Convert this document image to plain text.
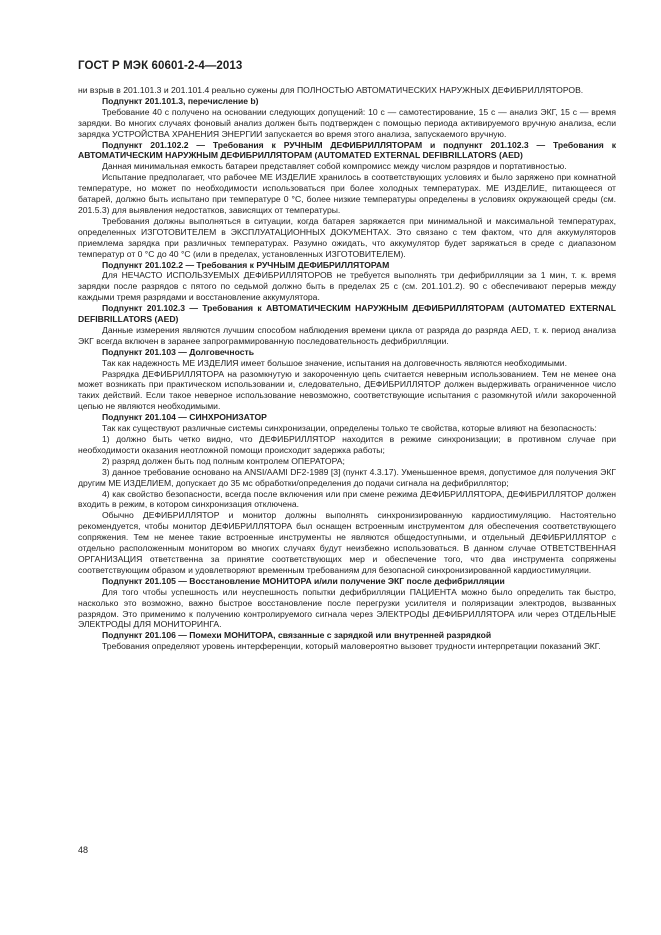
ГОСТ Р МЭК 60601-2-4—2013

ни взрыв в 201.101.3 и 201.101.4 реально сужены для ПОЛНОСТЬЮ АВТОМАТИЧЕСКИХ НАРУЖНЫХ ДЕФИБРИЛЛЯТОРОВ.

Подпункт 201.101.3, перечисление b)

Требование 40 с получено на основании следующих допущений: 10 с — самотестирование, 15 с — анализ ЭКГ, 15 с — время зарядки. Во многих случаях фоновый анализ должен быть подтвержден с помощью периода активируемого вручную анализа, если зарядка УСТРОЙСТВА ХРАНЕНИЯ ЭНЕРГИИ запускается во время этого анализа, запускаемого вручную.

Подпункт 201.102.2 — Требования к РУЧНЫМ ДЕФИБРИЛЛЯТОРАМ и подпункт 201.102.3 — Требования к АВТОМАТИЧЕСКИМ НАРУЖНЫМ ДЕФИБРИЛЛЯТОРАМ (AUTOMATED EXTERNAL DEFIBRILLATORS (AED)

Данная минимальная емкость батареи представляет собой компромисс между числом разрядов и портативностью.

Испытание предполагает, что рабочее МЕ ИЗДЕЛИЕ хранилось в соответствующих условиях и было заряжено при комнатной температуре, но может по необходимости использоваться при более холодных температурах. МЕ ИЗДЕЛИЕ, питающееся от батарей, должно быть испытано при температуре 0 °С, более низкие температуры определены в условиях окружающей среды (см. 201.5.3) для выявления недостатков, зависящих от температуры.

Требования должны выполняться в ситуации, когда батарея заряжается при минимальной и максимальной температурах, определенных ИЗГОТОВИТЕЛЕМ в ЭКСПЛУАТАЦИОННЫХ ДОКУМЕНТАХ. Это связано с тем фактом, что для аккумуляторов приемлема зарядка при различных температурах. Разумно ожидать, что аккумулятор будет заряжаться в среде с диапазоном температур от 0 °С до 40 °С (или в пределах, установленных ИЗГОТОВИТЕЛЕМ).

Подпункт 201.102.2 — Требования к РУЧНЫМ ДЕФИБРИЛЛЯТОРАМ

Для НЕЧАСТО ИСПОЛЬЗУЕМЫХ ДЕФИБРИЛЛЯТОРОВ не требуется выполнять три дефибрилляции за 1 мин, т. к. время зарядки после разрядов с пятого по седьмой должно быть в пределах 25 с (см. 201.101.2). 90 с обеспечивают перерыв между каждыми тремя разрядами и восстановление аккумулятора.

Подпункт 201.102.3 — Требования к АВТОМАТИЧЕСКИМ НАРУЖНЫМ ДЕФИБРИЛЛЯТОРАМ (AUTOMATED EXTERNAL DEFIBRILLATORS (AED)

Данные измерения являются лучшим способом наблюдения времени цикла от разряда до разряда AED, т. к. период анализа ЭКГ всегда включен в заранее запрограммированную последовательность дефибрилляции.

Подпункт 201.103 — Долговечность

Так как надежность МЕ ИЗДЕЛИЯ имеет большое значение, испытания на долговечность являются необходимыми.

Разрядка ДЕФИБРИЛЛЯТОРА на разомкнутую и закороченную цепь считается неверным использованием. Тем не менее она может возникать при практическом использовании и, следовательно, ДЕФИБРИЛЛЯТОР должен выдерживать ограниченное число таких действий. Если такое неверное использование невозможно, соответствующие испытания с разомкнутой и/или закороченной цепью не являются необходимыми.

Подпункт 201.104 — СИНХРОНИЗАТОР

Так как существуют различные системы синхронизации, определены только те свойства, которые влияют на безопасность:

1) должно быть четко видно, что ДЕФИБРИЛЛЯТОР находится в режиме синхронизации; в противном случае при необходимости оказания неотложной помощи происходит задержка работы;

2) разряд должен быть под полным контролем ОПЕРАТОРА;

3) данное требование основано на ANSI/AAMI DF2-1989 [3] (пункт 4.3.17). Уменьшенное время, допустимое для получения ЭКГ другим МЕ ИЗДЕЛИЕМ, допускает до 35 мс обработки/определения до подачи сигнала на дефибриллятор;

4) как свойство безопасности, всегда после включения или при смене режима ДЕФИБРИЛЛЯТОРА, ДЕФИБРИЛЛЯТОР должен входить в режим, в котором синхронизация отключена.

Обычно ДЕФИБРИЛЛЯТОР и монитор должны выполнять синхронизированную кардиостимуляцию. Настоятельно рекомендуется, чтобы монитор ДЕФИБРИЛЛЯТОРА был оснащен встроенным инструментом для обеспечения соответствующего сопряжения. Тем не менее такие встроенные инструменты не являются общедоступными, и отдельный ДЕФИБРИЛЛЯТОР с отдельно расположенным монитором во многих случаях будут неизбежно использоваться. В данном случае ОТВЕТСТВЕННАЯ ОРГАНИЗАЦИЯ ответственна за принятие соответствующих мер и обеспечение того, что два инструмента сопряжены соответствующим образом и удовлетворяют временным требованиям для безопасной синхронизированной кардиостимуляции.

Подпункт 201.105 — Восстановление МОНИТОРА и/или получение ЭКГ после дефибрилляции

Для того чтобы успешность или неуспешность попытки дефибрилляции ПАЦИЕНТА можно было определить так быстро, насколько это возможно, важно быстрое восстановление после перегрузки усилителя и поляризации электродов, вызванных разрядом. Это применимо к получению контролируемого сигнала через ЭЛЕКТРОДЫ ДЕФИБРИЛЛЯТОРА или через ОТДЕЛЬНЫЕ ЭЛЕКТРОДЫ ДЛЯ МОНИТОРИНГА.

Подпункт 201.106 — Помехи МОНИТОРА, связанные с зарядкой или внутренней разрядкой

Требования определяют уровень интерференции, который маловероятно вызовет трудности интерпретации показаний ЭКГ.

48
